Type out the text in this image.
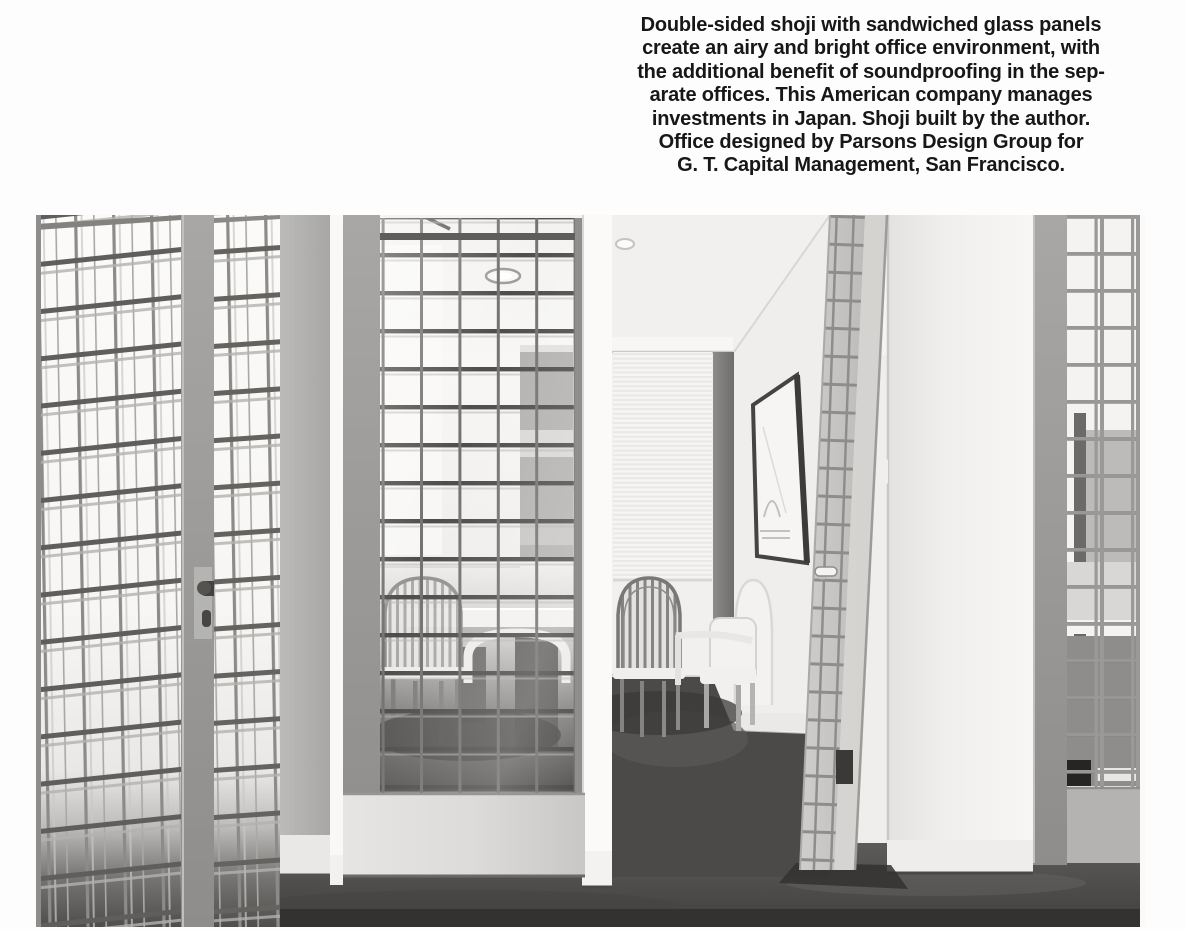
Double-sided shoji with sandwiched glass panels
create an airy and bright office environment, with
the additional benefit of soundproofing in the sep-
arate offices. This American company manages
investments in Japan. Shoji built by the author.
Office designed by Parsons Design Group for
G. T. Capital Management, San Francisco.
